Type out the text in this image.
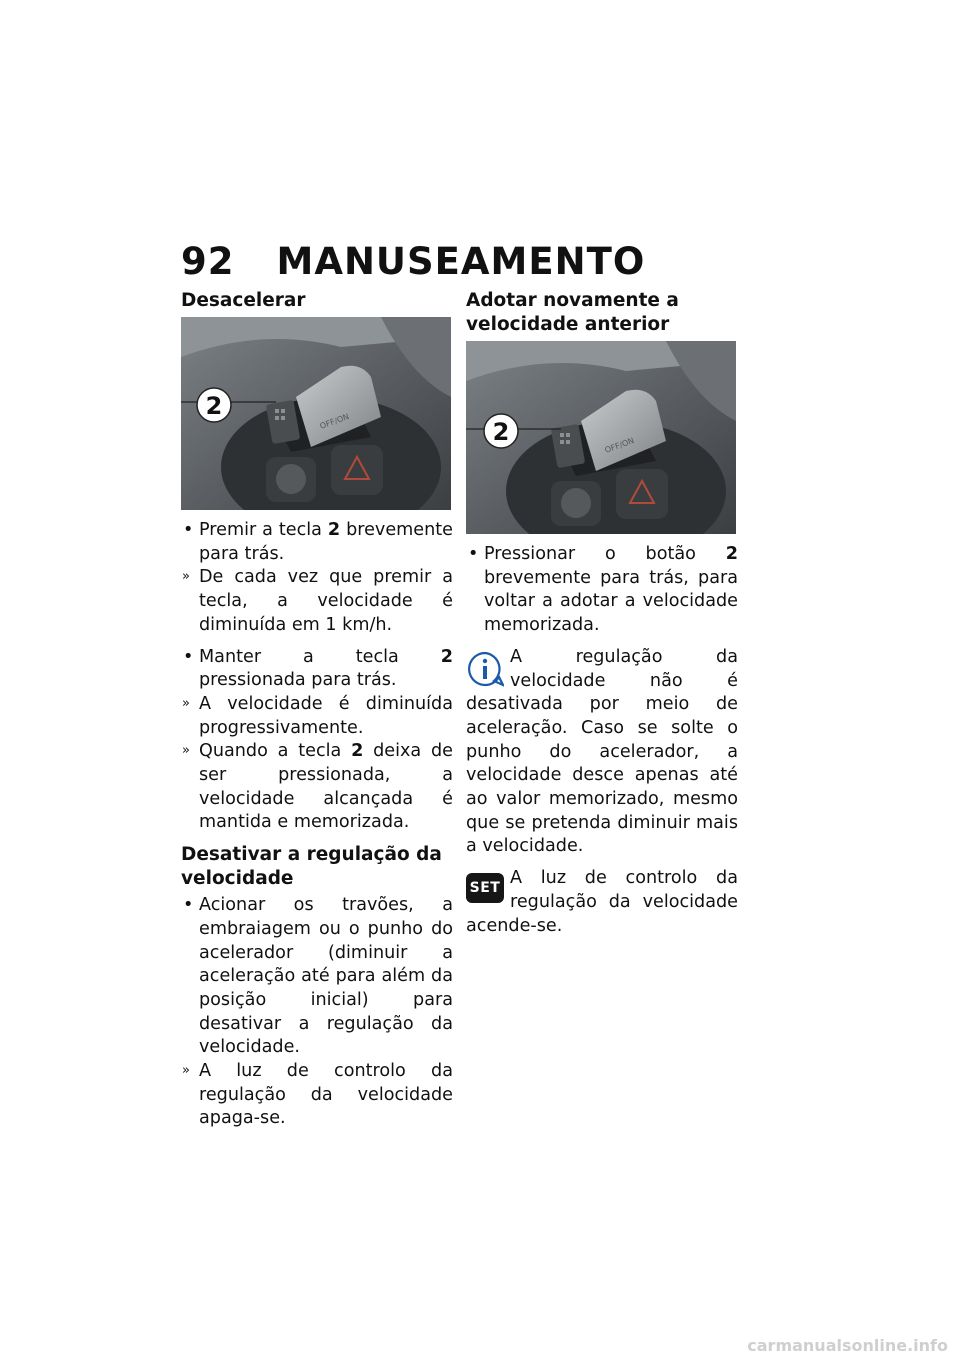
92 MANUSEAMENTO
Desacelerar
OFF/ON
2

• Premir a tecla 2 brevemente para trás.

» De cada vez que premir a tecla, a velocidade é diminuída em 1 km/h.

• Manter a tecla 2 pressionada para trás.

» A velocidade é diminuída progressivamente.

» Quando a tecla 2 deixa de ser pressionada, a velocidade alcançada é mantida e memorizada.

Desativar a regulação da velocidade

• Acionar os travões, a embraiagem ou o punho do acelerador (diminuir a aceleração até para além da posição inicial) para desativar a regulação da velocidade.

» A luz de controlo da regulação da velocidade apaga-se.

Adotar novamente a velocidade anterior
OFF/ON
2

• Pressionar o botão 2 brevemente para trás, para voltar a adotar a velocidade memorizada.

A regulação da velocidade não é desativada por meio de aceleração. Caso se solte o punho do acelerador, a velocidade desce apenas até ao valor memorizado, mesmo que se pretenda diminuir mais a velocidade.

SET A luz de controlo da regulação da velocidade acende-se.

carmanualsonline.info
